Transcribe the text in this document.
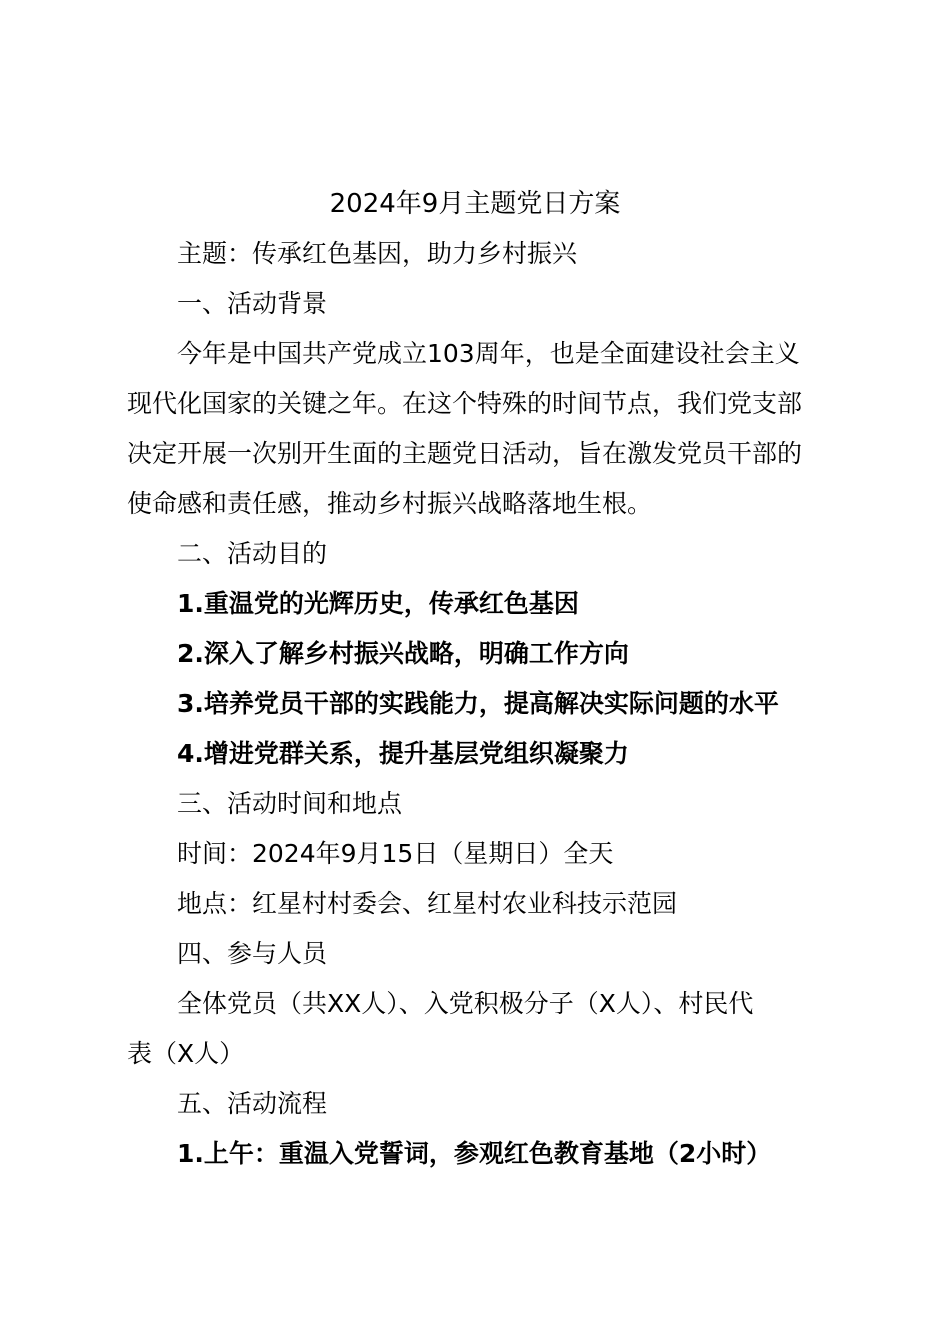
2024年9月主题党日方案
主题：传承红色基因，助力乡村振兴
一、活动背景
今年是中国共产党成立103周年，也是全面建设社会主义
现代化国家的关键之年。在这个特殊的时间节点，我们党支部
决定开展一次别开生面的主题党日活动，旨在激发党员干部的
使命感和责任感，推动乡村振兴战略落地生根。
二、活动目的
1.重温党的光辉历史，传承红色基因
2.深入了解乡村振兴战略，明确工作方向
3.培养党员干部的实践能力，提高解决实际问题的水平
4.增进党群关系，提升基层党组织凝聚力
三、活动时间和地点
时间：2024年9月15日（星期日）全天
地点：红星村村委会、红星村农业科技示范园
四、参与人员
全体党员（共XX人）、入党积极分子（X人）、村民代
表（X人）
五、活动流程
1.上午：重温入党誓词，参观红色教育基地（2小时）
